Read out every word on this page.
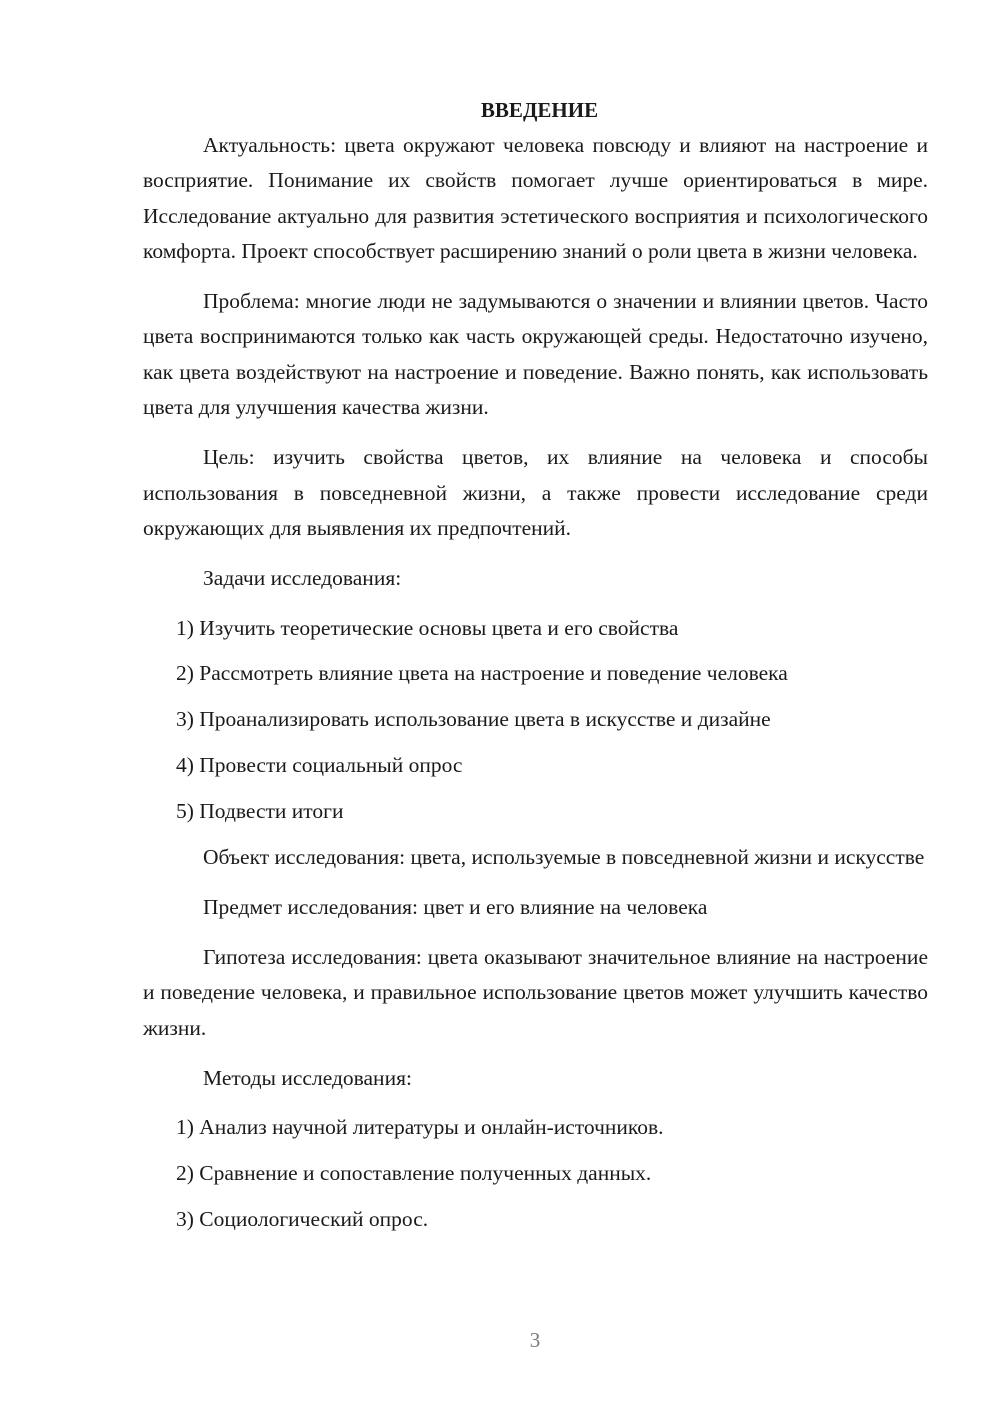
ВВЕДЕНИЕ

Актуальность: цвета окружают человека повсюду и влияют на настроение и восприятие. Понимание их свойств помогает лучше ориентироваться в мире. Исследование актуально для развития эстетического восприятия и психологического комфорта. Проект способствует расширению знаний о роли цвета в жизни человека.

Проблема: многие люди не задумываются о значении и влиянии цветов. Часто цвета воспринимаются только как часть окружающей среды. Недостаточно изучено, как цвета воздействуют на настроение и поведение. Важно понять, как использовать цвета для улучшения качества жизни.

Цель: изучить свойства цветов, их влияние на человека и способы использования в повседневной жизни, а также провести исследование среди окружающих для выявления их предпочтений.

Задачи исследования:

1) Изучить теоретические основы цвета и его свойства
2) Рассмотреть влияние цвета на настроение и поведение человека
3) Проанализировать использование цвета в искусстве и дизайне
4) Провести социальный опрос
5) Подвести итоги

Объект исследования: цвета, используемые в повседневной жизни и искусстве

Предмет исследования: цвет и его влияние на человека

Гипотеза исследования: цвета оказывают значительное влияние на настроение и поведение человека, и правильное использование цветов может улучшить качество жизни.

Методы исследования:

1) Анализ научной литературы и онлайн-источников.
2) Сравнение и сопоставление полученных данных.
3) Социологический опрос.
3
